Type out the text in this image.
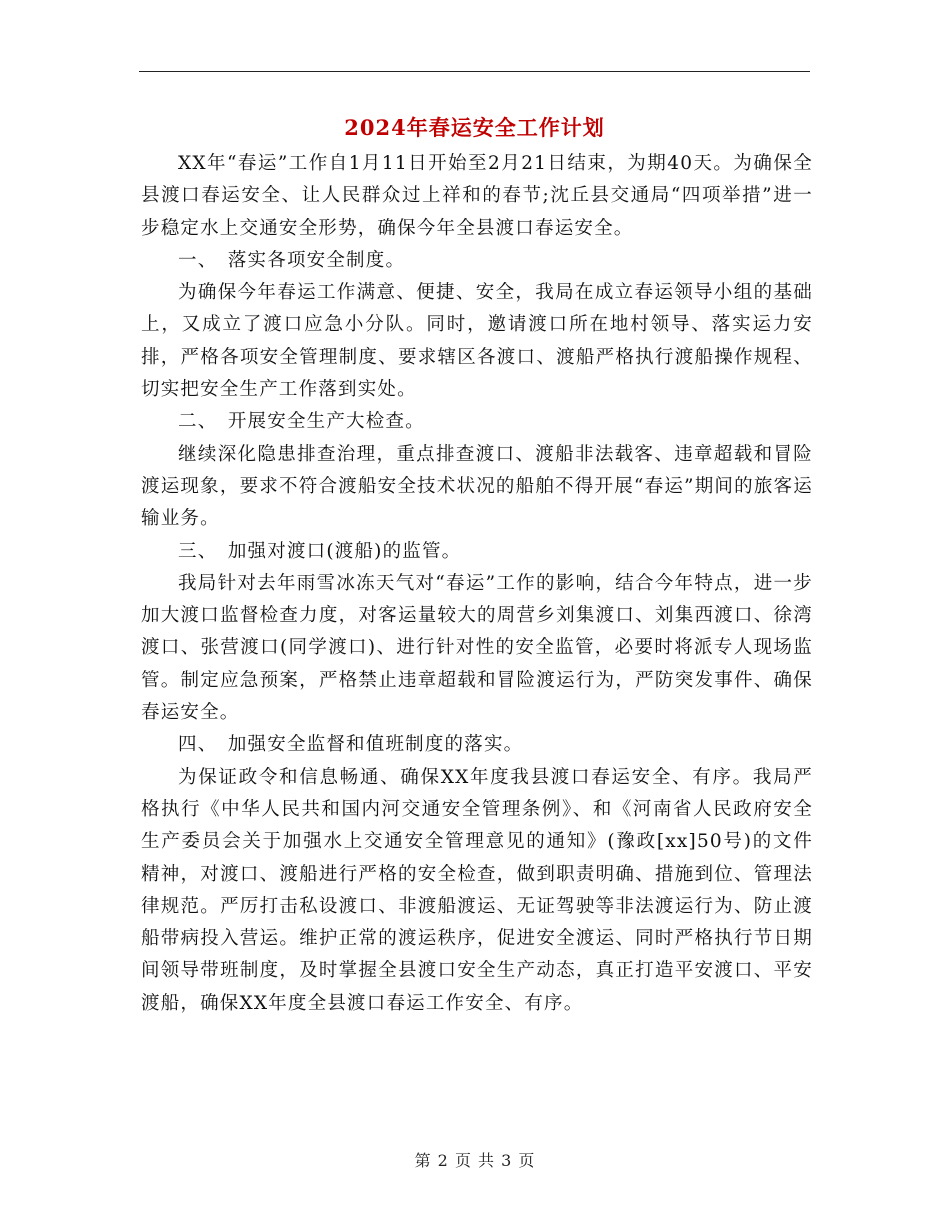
2024年春运安全工作计划

XX年“春运”工作自1月11日开始至2月21日结束，为期40天。为确保全县渡口春运安全、让人民群众过上祥和的春节;沈丘县交通局“四项举措”进一步稳定水上交通安全形势，确保今年全县渡口春运安全。

一、　落实各项安全制度。

为确保今年春运工作满意、便捷、安全，我局在成立春运领导小组的基础上，又成立了渡口应急小分队。同时，邀请渡口所在地村领导、落实运力安排，严格各项安全管理制度、要求辖区各渡口、渡船严格执行渡船操作规程、切实把安全生产工作落到实处。

二、　开展安全生产大检查。

继续深化隐患排查治理，重点排查渡口、渡船非法载客、违章超载和冒险渡运现象，要求不符合渡船安全技术状况的船舶不得开展“春运”期间的旅客运输业务。

三、　加强对渡口(渡船)的监管。

我局针对去年雨雪冰冻天气对“春运”工作的影响，结合今年特点，进一步加大渡口监督检查力度，对客运量较大的周营乡刘集渡口、刘集西渡口、徐湾渡口、张营渡口(同学渡口)、进行针对性的安全监管，必要时将派专人现场监管。制定应急预案，严格禁止违章超载和冒险渡运行为，严防突发事件、确保春运安全。

四、　加强安全监督和值班制度的落实。

为保证政令和信息畅通、确保XX年度我县渡口春运安全、有序。我局严格执行《中华人民共和国内河交通安全管理条例》、和《河南省人民政府安全生产委员会关于加强水上交通安全管理意见的通知》(豫政[xx]50号)的文件精神，对渡口、渡船进行严格的安全检查，做到职责明确、措施到位、管理法律规范。严厉打击私设渡口、非渡船渡运、无证驾驶等非法渡运行为、防止渡船带病投入营运。维护正常的渡运秩序，促进安全渡运、同时严格执行节日期间领导带班制度，及时掌握全县渡口安全生产动态，真正打造平安渡口、平安渡船，确保XX年度全县渡口春运工作安全、有序。

第 2 页 共 3 页
